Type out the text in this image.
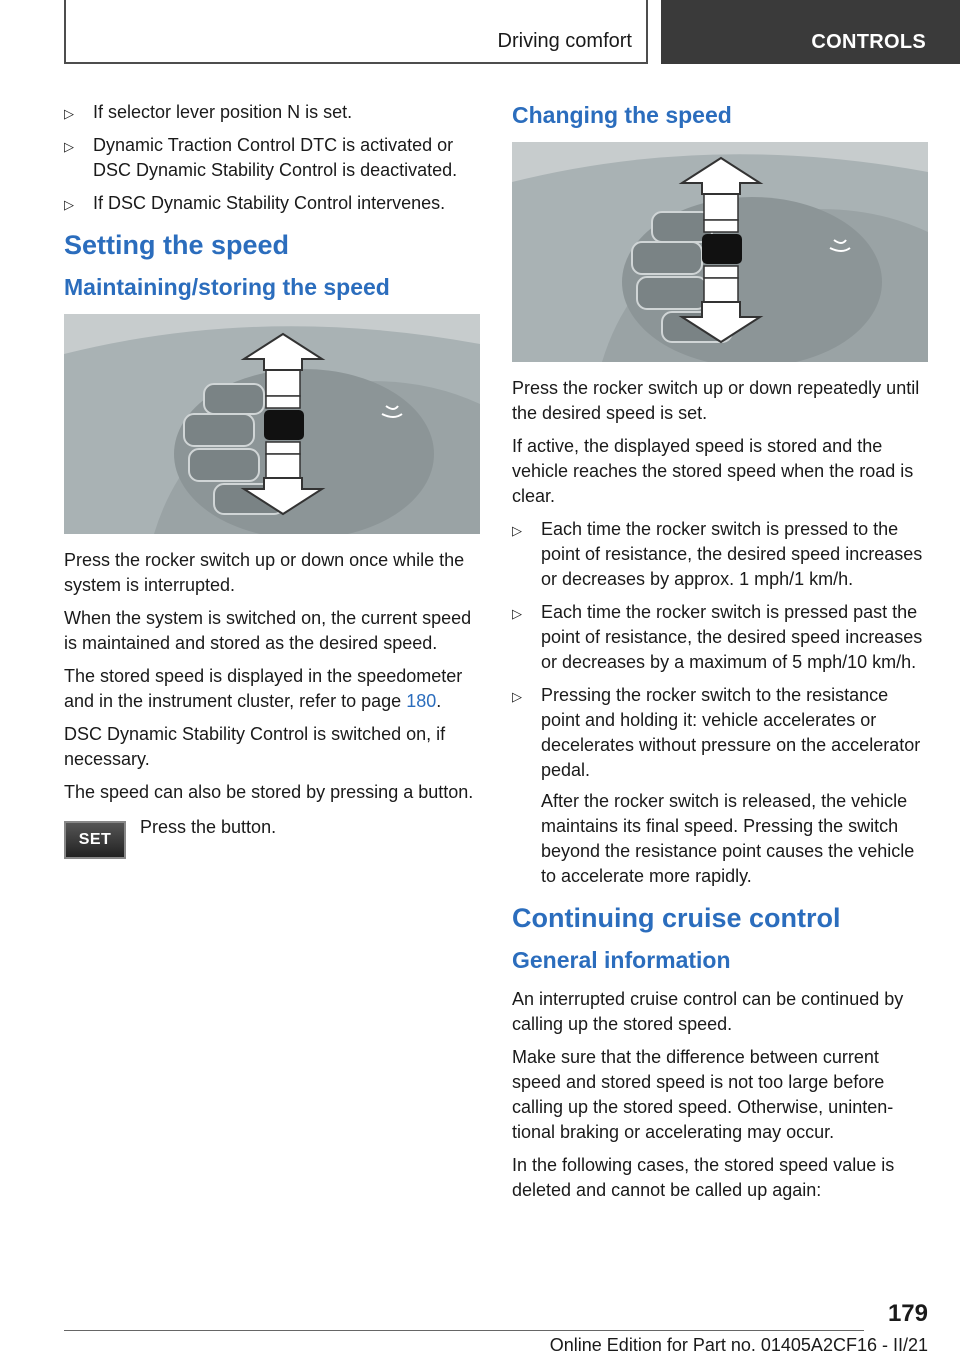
Driving comfort	CONTROLS
▷ If selector lever position N is set.
▷ Dynamic Traction Control DTC is activated or DSC Dynamic Stability Control is deactivated.
▷ If DSC Dynamic Stability Control intervenes.
Setting the speed
Maintaining/storing the speed

Press the rocker switch up or down once while the system is interrupted.

When the system is switched on, the current speed is maintained and stored as the desired speed.

The stored speed is displayed in the speedometer and in the instrument cluster, refer to page 180.

DSC Dynamic Stability Control is switched on, if necessary.

The speed can also be stored by pressing a button.

SET
Press the button.
Changing the speed

Press the rocker switch up or down repeatedly until the desired speed is set.

If active, the displayed speed is stored and the vehicle reaches the stored speed when the road is clear.

▷ Each time the rocker switch is pressed to the point of resistance, the desired speed increases or decreases by approx. 1 mph/1 km/h.
▷ Each time the rocker switch is pressed past the point of resistance, the desired speed increases or decreases by a maximum of 5 mph/10 km/h.
▷ Pressing the rocker switch to the resistance point and holding it: vehicle accelerates or decelerates without pressure on the accelerator pedal.

After the rocker switch is released, the vehicle maintains its final speed. Pressing the switch beyond the resistance point causes the vehicle to accelerate more rapidly.

Continuing cruise control
General information

An interrupted cruise control can be continued by calling up the stored speed.

Make sure that the difference between current speed and stored speed is not too large before calling up the stored speed. Otherwise, unintentional braking or accelerating may occur.

In the following cases, the stored speed value is deleted and cannot be called up again:

179
Online Edition for Part no. 01405A2CF16 - II/21
